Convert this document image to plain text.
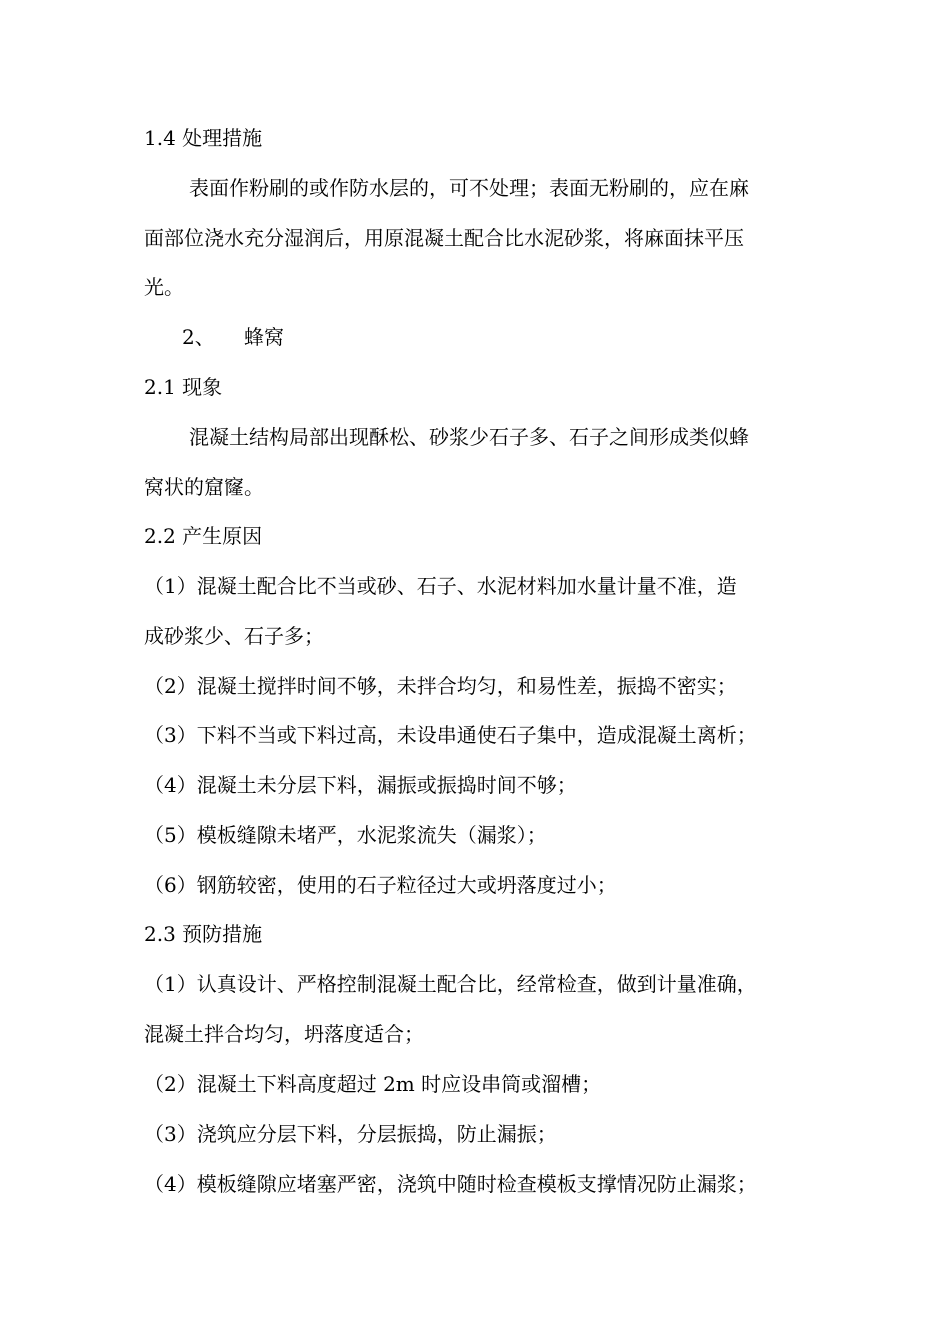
1.4 处理措施
表面作粉刷的或作防水层的，可不处理；表面无粉刷的，应在麻
面部位浇水充分湿润后，用原混凝土配合比水泥砂浆，将麻面抹平压
光。
2、 蜂窝
2.1 现象
混凝土结构局部出现酥松、砂浆少石子多、石子之间形成类似蜂
窝状的窟窿。
2.2 产生原因
（1）混凝土配合比不当或砂、石子、水泥材料加水量计量不准，造
成砂浆少、石子多；
（2）混凝土搅拌时间不够，未拌合均匀，和易性差，振捣不密实；
（3）下料不当或下料过高，未设串通使石子集中，造成混凝土离析；
（4）混凝土未分层下料，漏振或振捣时间不够；
（5）模板缝隙未堵严，水泥浆流失（漏浆）；
（6）钢筋较密，使用的石子粒径过大或坍落度过小；
2.3 预防措施
（1）认真设计、严格控制混凝土配合比，经常检查，做到计量准确，
混凝土拌合均匀，坍落度适合；
（2）混凝土下料高度超过 2m 时应设串筒或溜槽；
（3）浇筑应分层下料，分层振捣，防止漏振；
（4）模板缝隙应堵塞严密，浇筑中随时检查模板支撑情况防止漏浆；
